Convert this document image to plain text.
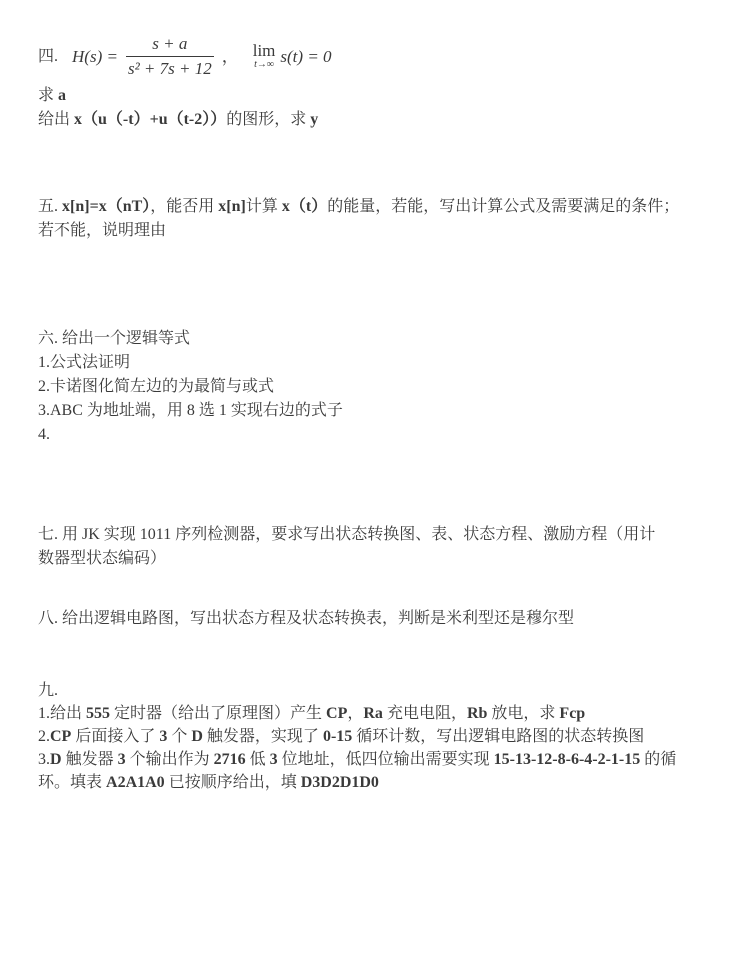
四. $H(s) = \frac{s + a}{\text{s² + 7s + 12}}$ ， lim
t→∞ s(t) = 0
求 a
给出 x（u（-t）+u（t-2））的图形，求 y
五. x[n]=x（nT），能否用 x[n]计算 x（t）的能量，若能，写出计算公式及需要满足的条件；
若不能，说明理由
六. 给出一个逻辑等式
1.公式法证明
2.卡诺图化简左边的为最简与或式
3.ABC 为地址端，用 8 选 1 实现右边的式子
4.
七. 用 JK 实现 1011 序列检测器，要求写出状态转换图、表、状态方程、激励方程（用计
数器型状态编码）
八. 给出逻辑电路图，写出状态方程及状态转换表，判断是米利型还是穆尔型
九.
1.给出 555 定时器（给出了原理图）产生 CP，Ra 充电电阻，Rb 放电，求 Fcp
2.CP 后面接入了 3 个 D 触发器，实现了 0-15 循环计数，写出逻辑电路图的状态转换图
3.D 触发器 3 个输出作为 2716 低 3 位地址，低四位输出需要实现 15-13-12-8-6-4-2-1-15 的循
环。填表 A2A1A0 已按顺序给出，填 D3D2D1D0
